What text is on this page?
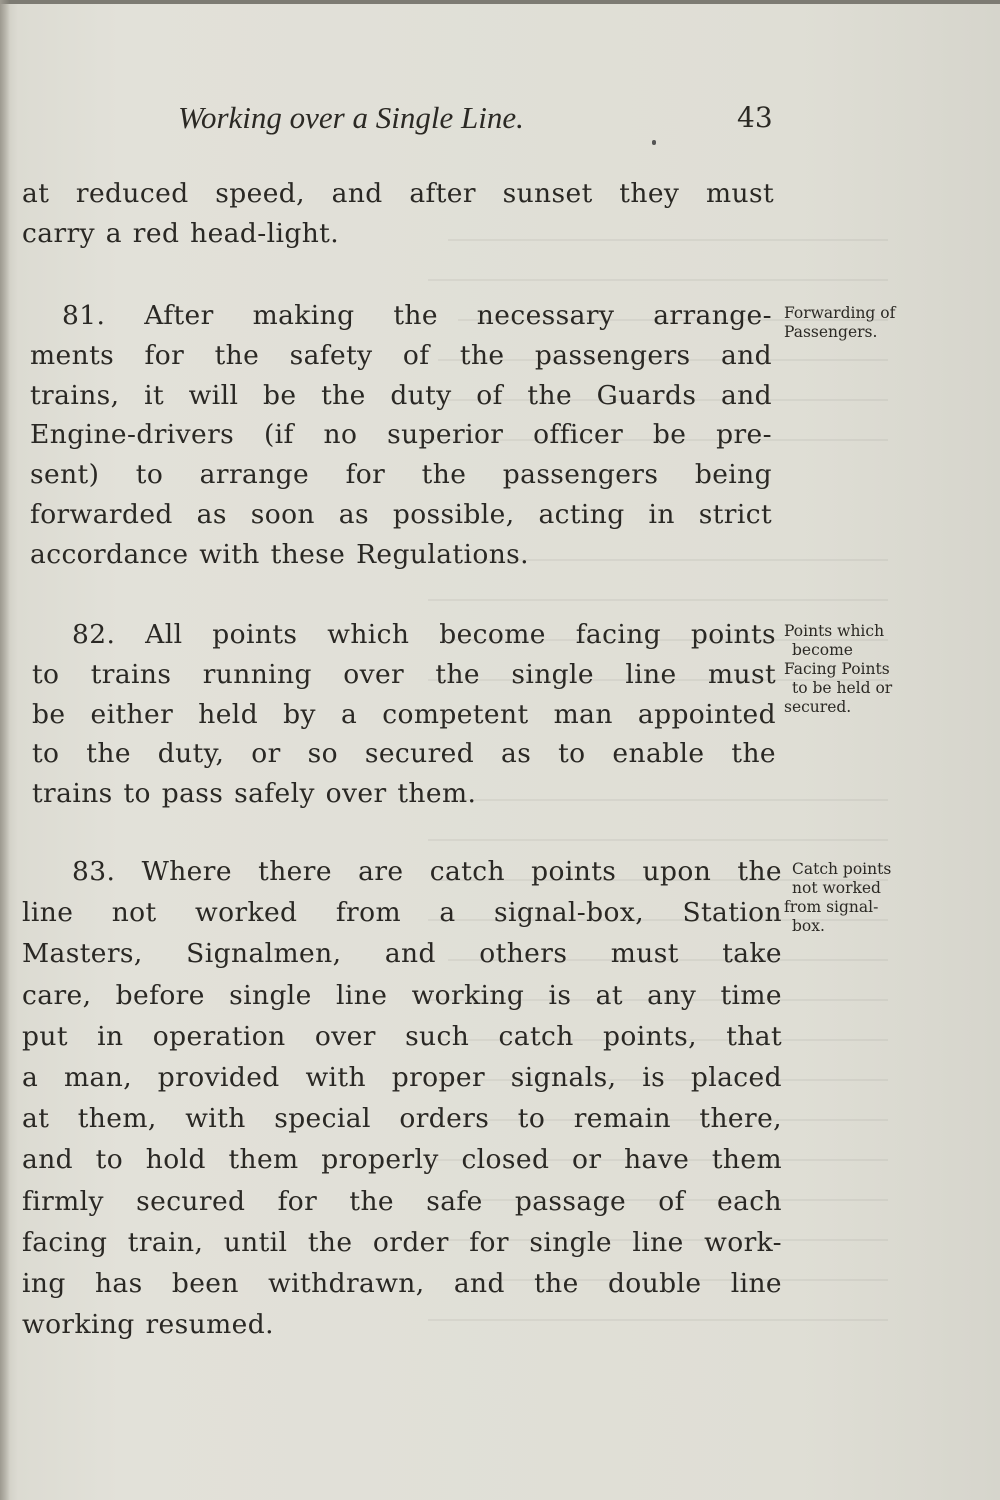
Working over a Single Line.	43
at reduced speed, and after sunset they must
carry a red head-light.
81. After making the necessary arrange-
ments for the safety of the passengers and
trains, it will be the duty of the Guards and
Engine-drivers (if no superior officer be pre-
sent) to arrange for the passengers being
forwarded as soon as possible, acting in strict
accordance with these Regulations.
82. All points which become facing points
to trains running over the single line must
be either held by a competent man appointed
to the duty, or so secured as to enable the
trains to pass safely over them.
83. Where there are catch points upon the
line not worked from a signal-box, Station
Masters, Signalmen, and others must take
care, before single line working is at any time
put in operation over such catch points, that
a man, provided with proper signals, is placed
at them, with special orders to remain there,
and to hold them properly closed or have them
firmly secured for the safe passage of each
facing train, until the order for single line work-
ing has been withdrawn, and the double line
working resumed.
Forwarding of
Passengers.
Points which
become
Facing Points
to be held or
secured.
Catch points
not worked
from signal-
box.
